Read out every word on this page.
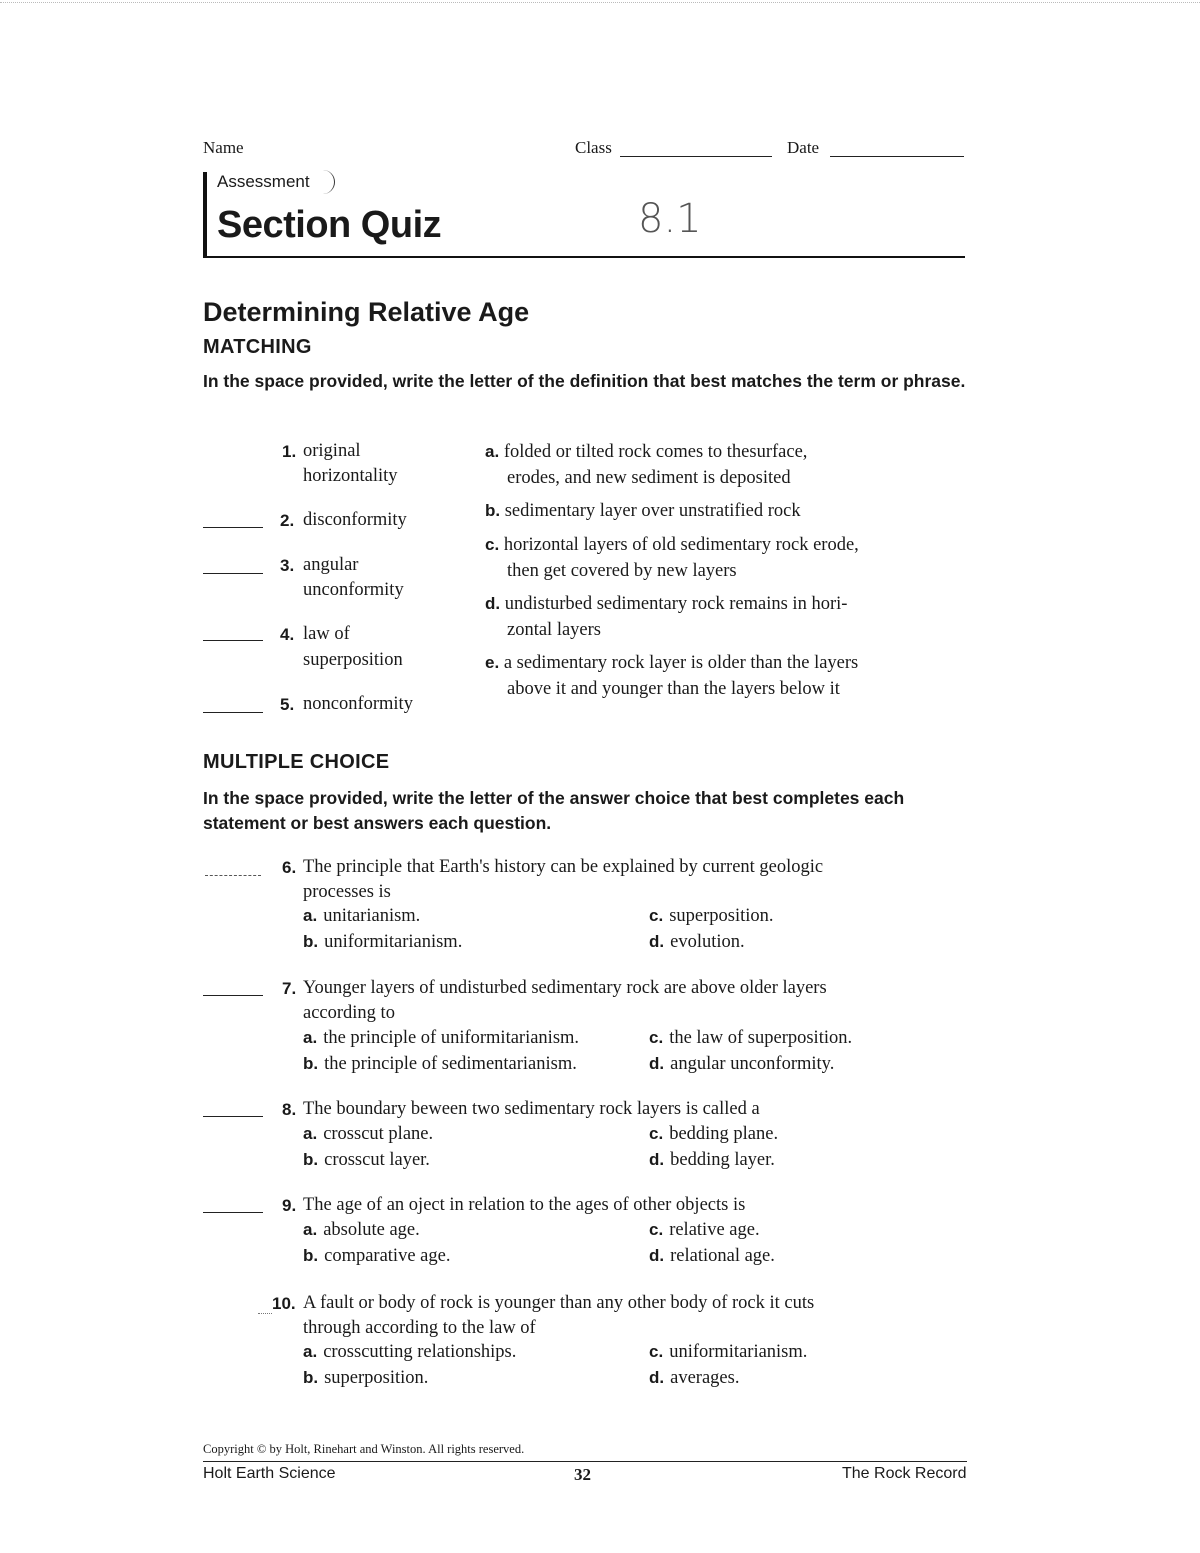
Name	Class	Date
Assessment
Section Quiz	8.1
Determining Relative Age
MATCHING
In the space provided, write the letter of the definition that best matches the term or phrase.
1. original
horizontality
2. disconformity
3. angular
unconformity
4. law of
superposition
5. nonconformity
a. folded or tilted rock comes to thesurface,
erodes, and new sediment is deposited
b. sedimentary layer over unstratified rock
c. horizontal layers of old sedimentary rock erode,
then get covered by new layers
d. undisturbed sedimentary rock remains in hori-
zontal layers
e. a sedimentary rock layer is older than the layers
above it and younger than the layers below it
MULTIPLE CHOICE
In the space provided, write the letter of the answer choice that best completes each statement or best answers each question.
6. The principle that Earth's history can be explained by current geologic
processes is
a. unitarianism.
b. uniformitarianism.
c. superposition.
d. evolution.
7. Younger layers of undisturbed sedimentary rock are above older layers
according to
a. the principle of uniformitarianism.
b. the principle of sedimentarianism.
c. the law of superposition.
d. angular unconformity.
8. The boundary beween two sedimentary rock layers is called a
a. crosscut plane.
b. crosscut layer.
c. bedding plane.
d. bedding layer.
9. The age of an oject in relation to the ages of other objects is
a. absolute age.
b. comparative age.
c. relative age.
d. relational age.
10. A fault or body of rock is younger than any other body of rock it cuts
through according to the law of
a. crosscutting relationships.
b. superposition.
c. uniformitarianism.
d. averages.
Copyright © by Holt, Rinehart and Winston. All rights reserved.
Holt Earth Science	32	The Rock Record
